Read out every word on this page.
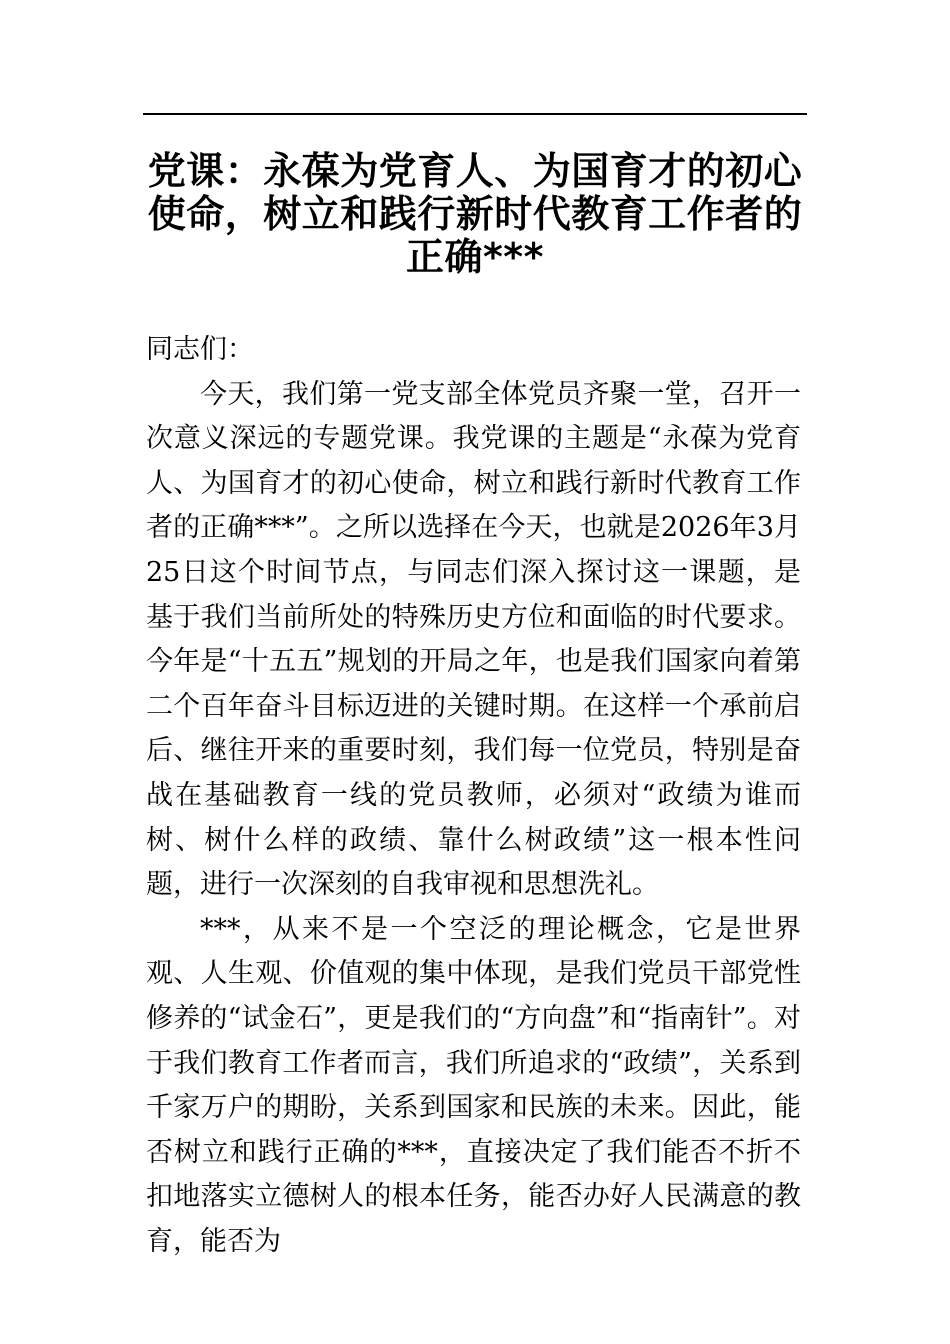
党课：永葆为党育人、为国育才的初心使命，树立和践行新时代教育工作者的正确***

同志们：

今天，我们第一党支部全体党员齐聚一堂，召开一次意义深远的专题党课。我党课的主题是“永葆为党育人、为国育才的初心使命，树立和践行新时代教育工作者的正确***”。之所以选择在今天，也就是2026年3月25日这个时间节点，与同志们深入探讨这一课题，是基于我们当前所处的特殊历史方位和面临的时代要求。今年是“十五五”规划的开局之年，也是我们国家向着第二个百年奋斗目标迈进的关键时期。在这样一个承前启后、继往开来的重要时刻，我们每一位党员，特别是奋战在基础教育一线的党员教师，必须对“政绩为谁而树、树什么样的政绩、靠什么树政绩”这一根本性问题，进行一次深刻的自我审视和思想洗礼。

***，从来不是一个空泛的理论概念，它是世界观、人生观、价值观的集中体现，是我们党员干部党性修养的“试金石”，更是我们的“方向盘”和“指南针”。对于我们教育工作者而言，我们所追求的“政绩”，关系到千家万户的期盼，关系到国家和民族的未来。因此，能否树立和践行正确的***，直接决定了我们能否不折不扣地落实立德树人的根本任务，能否办好人民满意的教育，能否为
